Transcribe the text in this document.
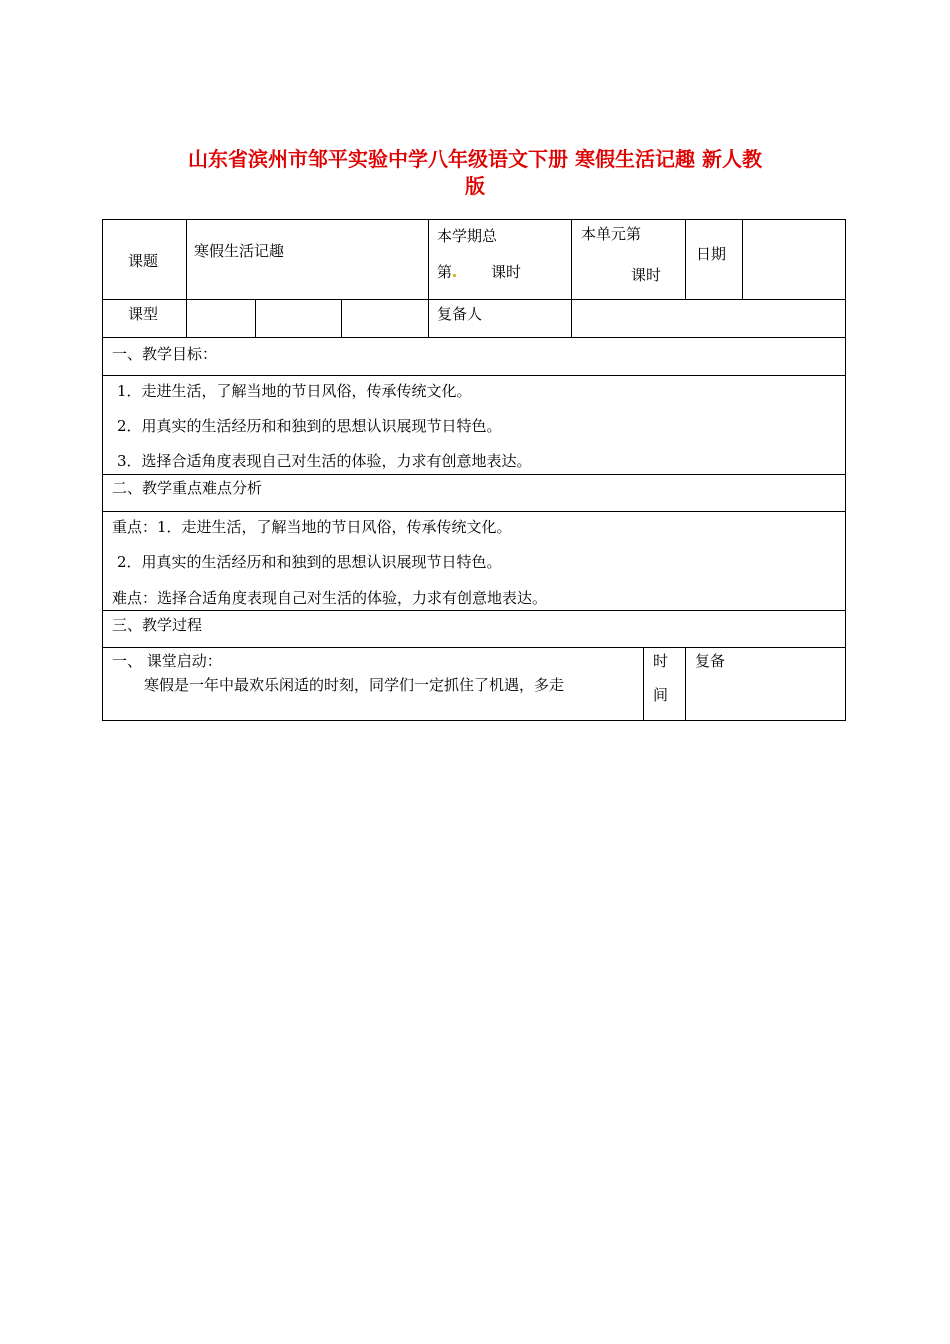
山东省滨州市邹平实验中学八年级语文下册 寒假生活记趣 新人教
版
课题
寒假生活记趣
本学期总
第	课时
本单元第
课时
日期
课型	复备人
一、教学目标：
1．走进生活，了解当地的节日风俗，传承传统文化。
2．用真实的生活经历和和独到的思想认识展现节日特色。
3．选择合适角度表现自己对生活的体验，力求有创意地表达。
二、教学重点难点分析
重点：1．走进生活，了解当地的节日风俗，传承传统文化。
2．用真实的生活经历和和独到的思想认识展现节日特色。
难点：选择合适角度表现自己对生活的体验，力求有创意地表达。
三、教学过程
一、 课堂启动：
寒假是一年中最欢乐闲适的时刻，同学们一定抓住了机遇，多走
时
间
复备
